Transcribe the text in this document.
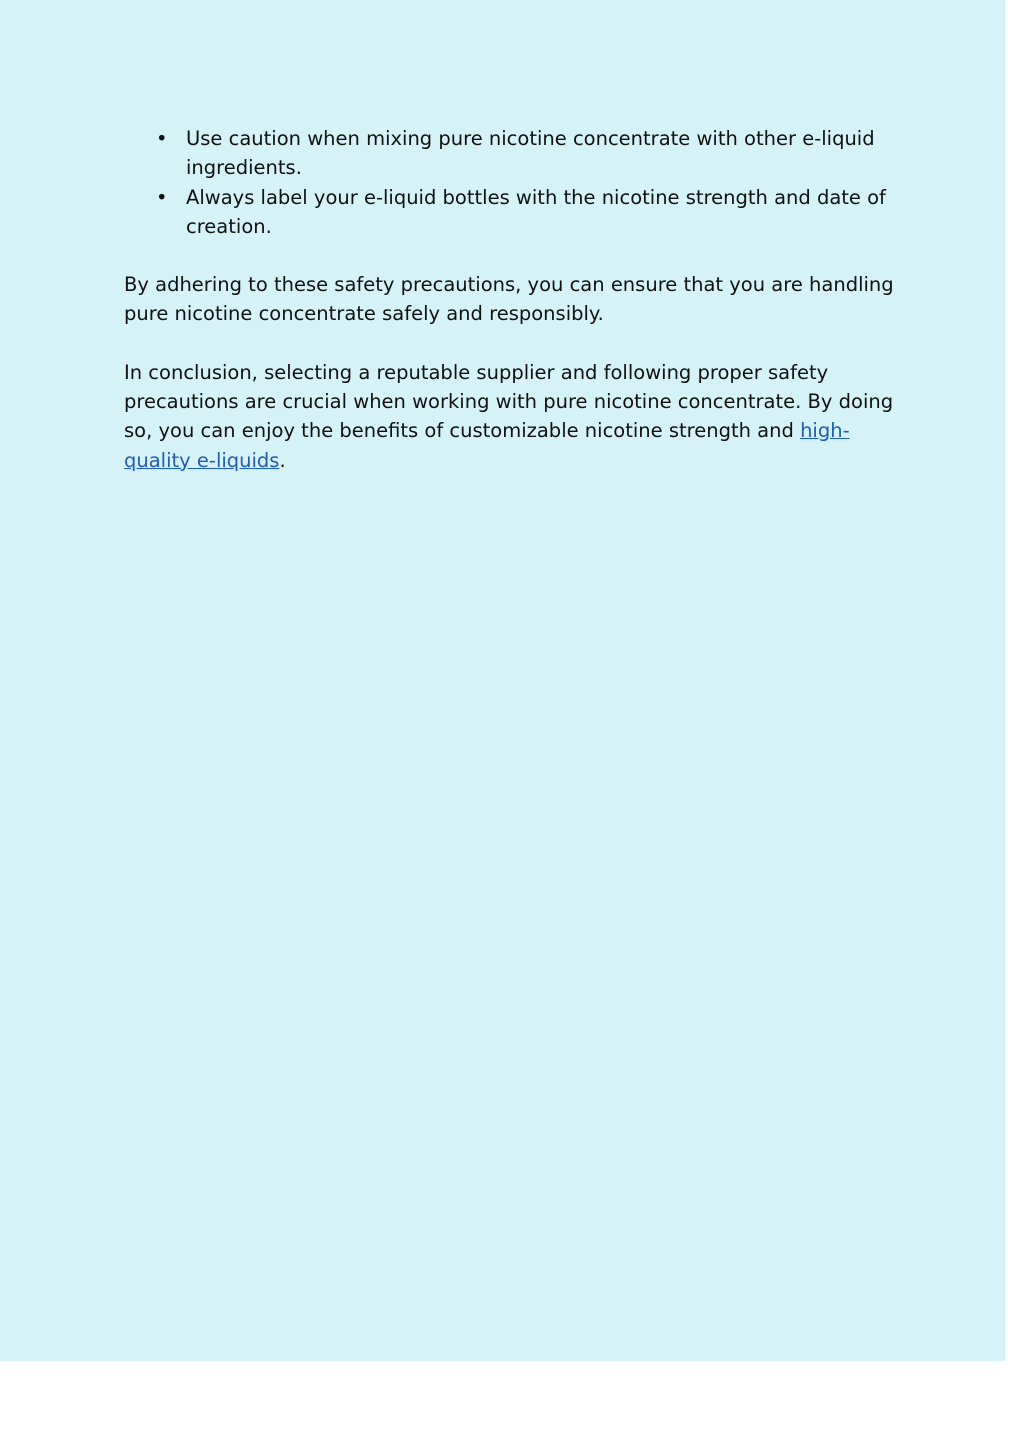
• Use caution when mixing pure nicotine concentrate with other e-liquid ingredients.
• Always label your e-liquid bottles with the nicotine strength and date of creation.

By adhering to these safety precautions, you can ensure that you are handling pure nicotine concentrate safely and responsibly.

In conclusion, selecting a reputable supplier and following proper safety precautions are crucial when working with pure nicotine concentrate. By doing so, you can enjoy the benefits of customizable nicotine strength and high-quality e-liquids.
